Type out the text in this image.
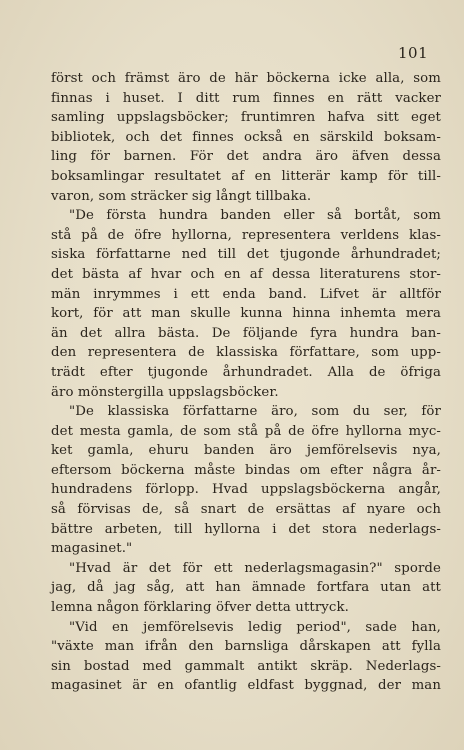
101
först och främst äro de här böckerna icke alla, som
finnas i huset. I ditt rum finnes en rätt vacker
samling uppslagsböcker; fruntimren hafva sitt eget
bibliotek, och det finnes också en särskild boksam-
ling för barnen. För det andra äro äfven dessa
boksamlingar resultatet af en litterär kamp för till-
varon, som sträcker sig långt tillbaka.
"De första hundra banden eller så bortåt, som
stå på de öfre hyllorna, representera verldens klas-
siska författarne ned till det tjugonde århundradet;
det bästa af hvar och en af dessa literaturens stor-
män inrymmes i ett enda band. Lifvet är alltför
kort, för att man skulle kunna hinna inhemta mera
än det allra bästa. De följande fyra hundra ban-
den representera de klassiska författare, som upp-
trädt efter tjugonde århundradet. Alla de öfriga
äro mönstergilla uppslagsböcker.
"De klassiska författarne äro, som du ser, för
det mesta gamla, de som stå på de öfre hyllorna myc-
ket gamla, ehuru banden äro jemförelsevis nya,
eftersom böckerna måste bindas om efter några år-
hundradens förlopp. Hvad uppslagsböckerna angår,
så förvisas de, så snart de ersättas af nyare och
bättre arbeten, till hyllorna i det stora nederlags-
magasinet."
"Hvad är det för ett nederlagsmagasin?" sporde
jag, då jag såg, att han ämnade fortfara utan att
lemna någon förklaring öfver detta uttryck.
"Vid en jemförelsevis ledig period", sade han,
"växte man ifrån den barnsliga dårskapen att fylla
sin bostad med gammalt antikt skräp. Nederlags-
magasinet är en ofantlig eldfast byggnad, der man
